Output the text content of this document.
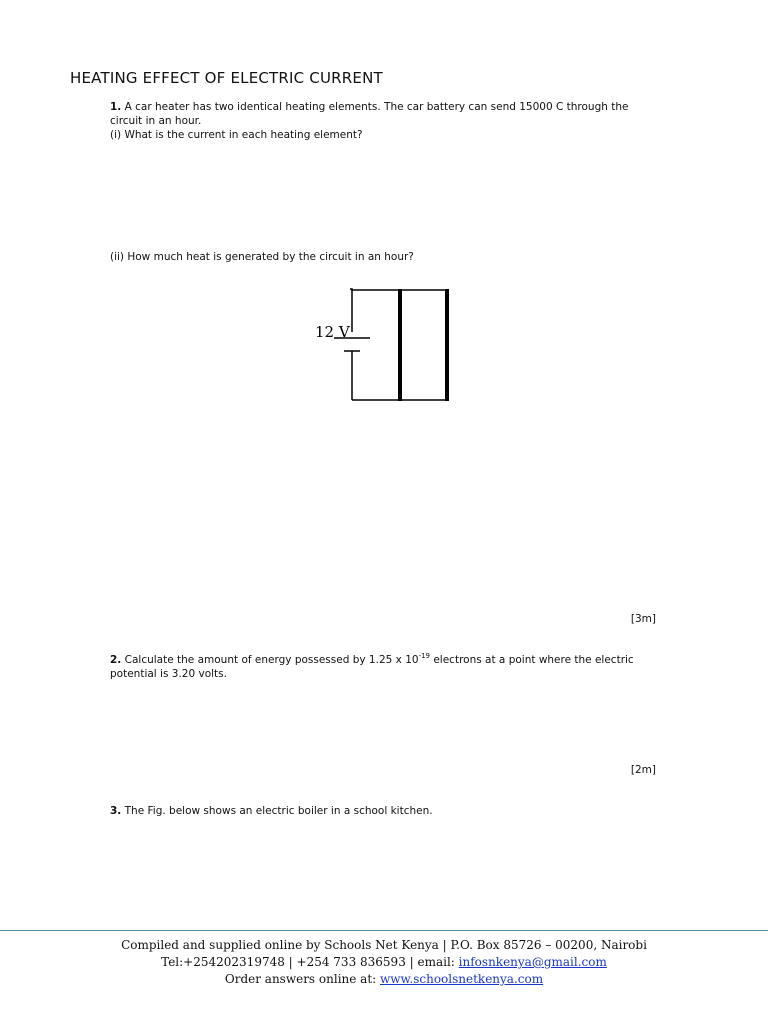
HEATING EFFECT OF ELECTRIC CURRENT
1. A car heater has two identical heating elements. The car battery can send 15000 C through the
circuit in an hour.
(i) What is the current in each heating element?
(ii) How much heat is generated by the circuit in an hour?
12 V
[3m]
2. Calculate the amount of energy possessed by 1.25 x $10^{-19}$ electrons at a point where the electric
potential is 3.20 volts.
[2m]
3. The Fig. below shows an electric boiler in a school kitchen.
Compiled and supplied online by Schools Net Kenya | P.O. Box 85726 – 00200, Nairobi
Tel:+254202319748 | +254 733 836593 | email: infosnkenya@gmail.com
Order answers online at: www.schoolsnetkenya.com
